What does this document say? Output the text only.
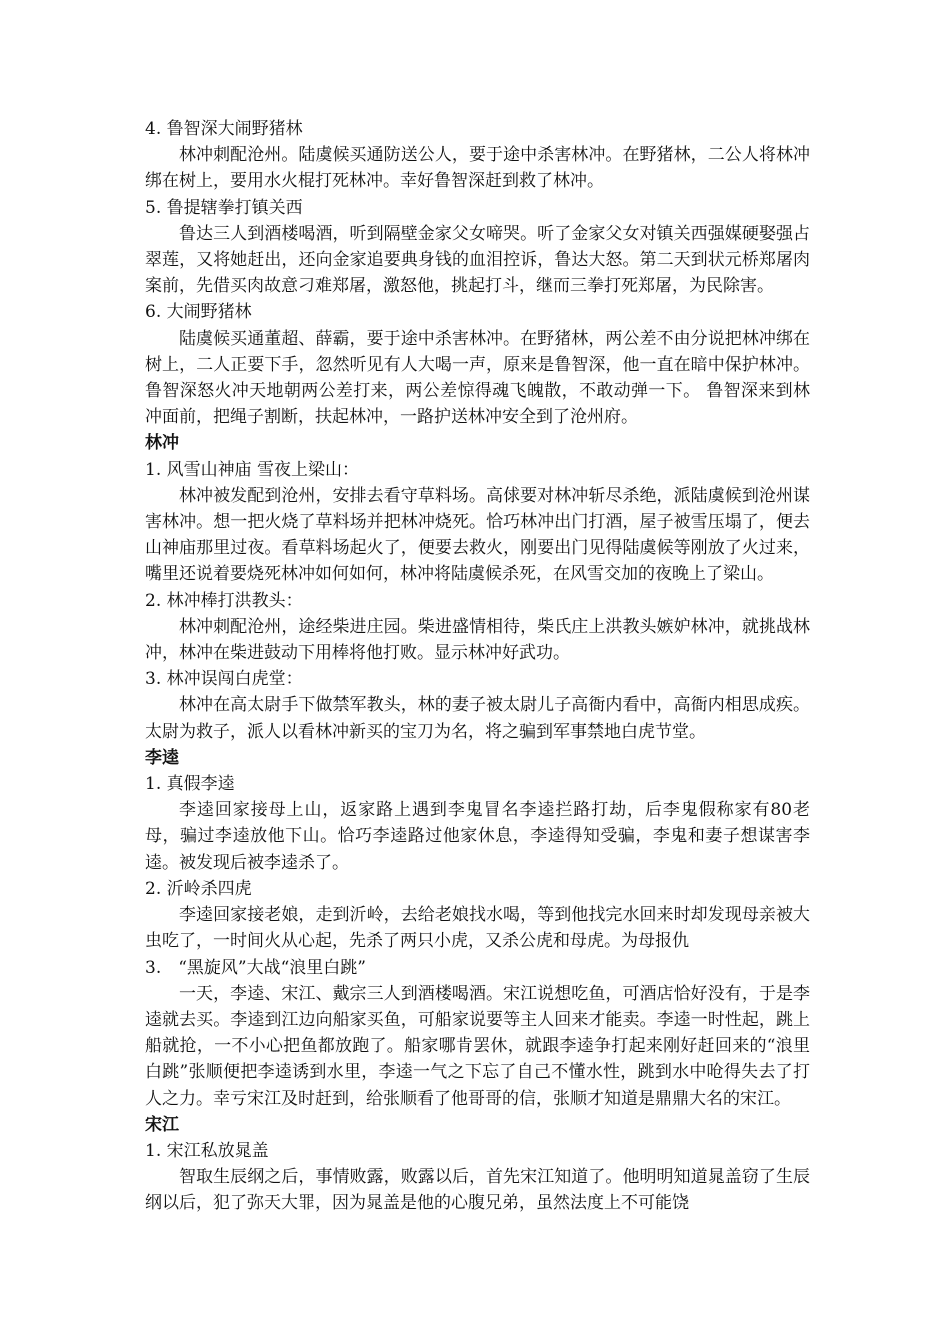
4. 鲁智深大闹野猪林

林冲刺配沧州。陆虞候买通防送公人，要于途中杀害林冲。在野猪林，二公人将林冲绑在树上，要用水火棍打死林冲。幸好鲁智深赶到救了林冲。

5. 鲁提辖拳打镇关西

鲁达三人到酒楼喝酒，听到隔壁金家父女啼哭。听了金家父女对镇关西强媒硬娶强占翠莲，又将她赶出，还向金家追要典身钱的血泪控诉，鲁达大怒。第二天到状元桥郑屠肉案前，先借买肉故意刁难郑屠，激怒他，挑起打斗，继而三拳打死郑屠，为民除害。

6. 大闹野猪林

陆虞候买通董超、薛霸，要于途中杀害林冲。在野猪林，两公差不由分说把林冲绑在树上，二人正要下手，忽然听见有人大喝一声，原来是鲁智深，他一直在暗中保护林冲。鲁智深怒火冲天地朝两公差打来，两公差惊得魂飞魄散，不敢动弹一下。 鲁智深来到林冲面前，把绳子割断，扶起林冲，一路护送林冲安全到了沧州府。

林冲

1. 风雪山神庙 雪夜上梁山：

林冲被发配到沧州，安排去看守草料场。高俅要对林冲斩尽杀绝，派陆虞候到沧州谋害林冲。想一把火烧了草料场并把林冲烧死。恰巧林冲出门打酒，屋子被雪压塌了，便去山神庙那里过夜。看草料场起火了，便要去救火，刚要出门见得陆虞候等刚放了火过来，嘴里还说着要烧死林冲如何如何，林冲将陆虞候杀死，在风雪交加的夜晚上了梁山。

2. 林冲棒打洪教头：

林冲刺配沧州，途经柴进庄园。柴进盛情相待，柴氏庄上洪教头嫉妒林冲，就挑战林冲，林冲在柴进鼓动下用棒将他打败。显示林冲好武功。

3. 林冲误闯白虎堂：

林冲在高太尉手下做禁军教头，林的妻子被太尉儿子高衙内看中，高衙内相思成疾。太尉为救子，派人以看林冲新买的宝刀为名，将之骗到军事禁地白虎节堂。

李逵

1. 真假李逵

李逵回家接母上山，返家路上遇到李鬼冒名李逵拦路打劫，后李鬼假称家有80老母，骗过李逵放他下山。恰巧李逵路过他家休息，李逵得知受骗，李鬼和妻子想谋害李逵。被发现后被李逵杀了。

2. 沂岭杀四虎

李逵回家接老娘，走到沂岭，去给老娘找水喝，等到他找完水回来时却发现母亲被大虫吃了，一时间火从心起，先杀了两只小虎，又杀公虎和母虎。为母报仇

3.　“黑旋风”大战“浪里白跳”

一天，李逵、宋江、戴宗三人到酒楼喝酒。宋江说想吃鱼，可酒店恰好没有，于是李逵就去买。李逵到江边向船家买鱼，可船家说要等主人回来才能卖。李逵一时性起，跳上船就抢，一不小心把鱼都放跑了。船家哪肯罢休，就跟李逵争打起来刚好赶回来的“浪里白跳”张顺便把李逵诱到水里，李逵一气之下忘了自己不懂水性，跳到水中呛得失去了打人之力。幸亏宋江及时赶到，给张顺看了他哥哥的信，张顺才知道是鼎鼎大名的宋江。

宋江

1. 宋江私放晁盖

智取生辰纲之后，事情败露，败露以后，首先宋江知道了。他明明知道晁盖窃了生辰纲以后，犯了弥天大罪，因为晁盖是他的心腹兄弟，虽然法度上不可能饶
